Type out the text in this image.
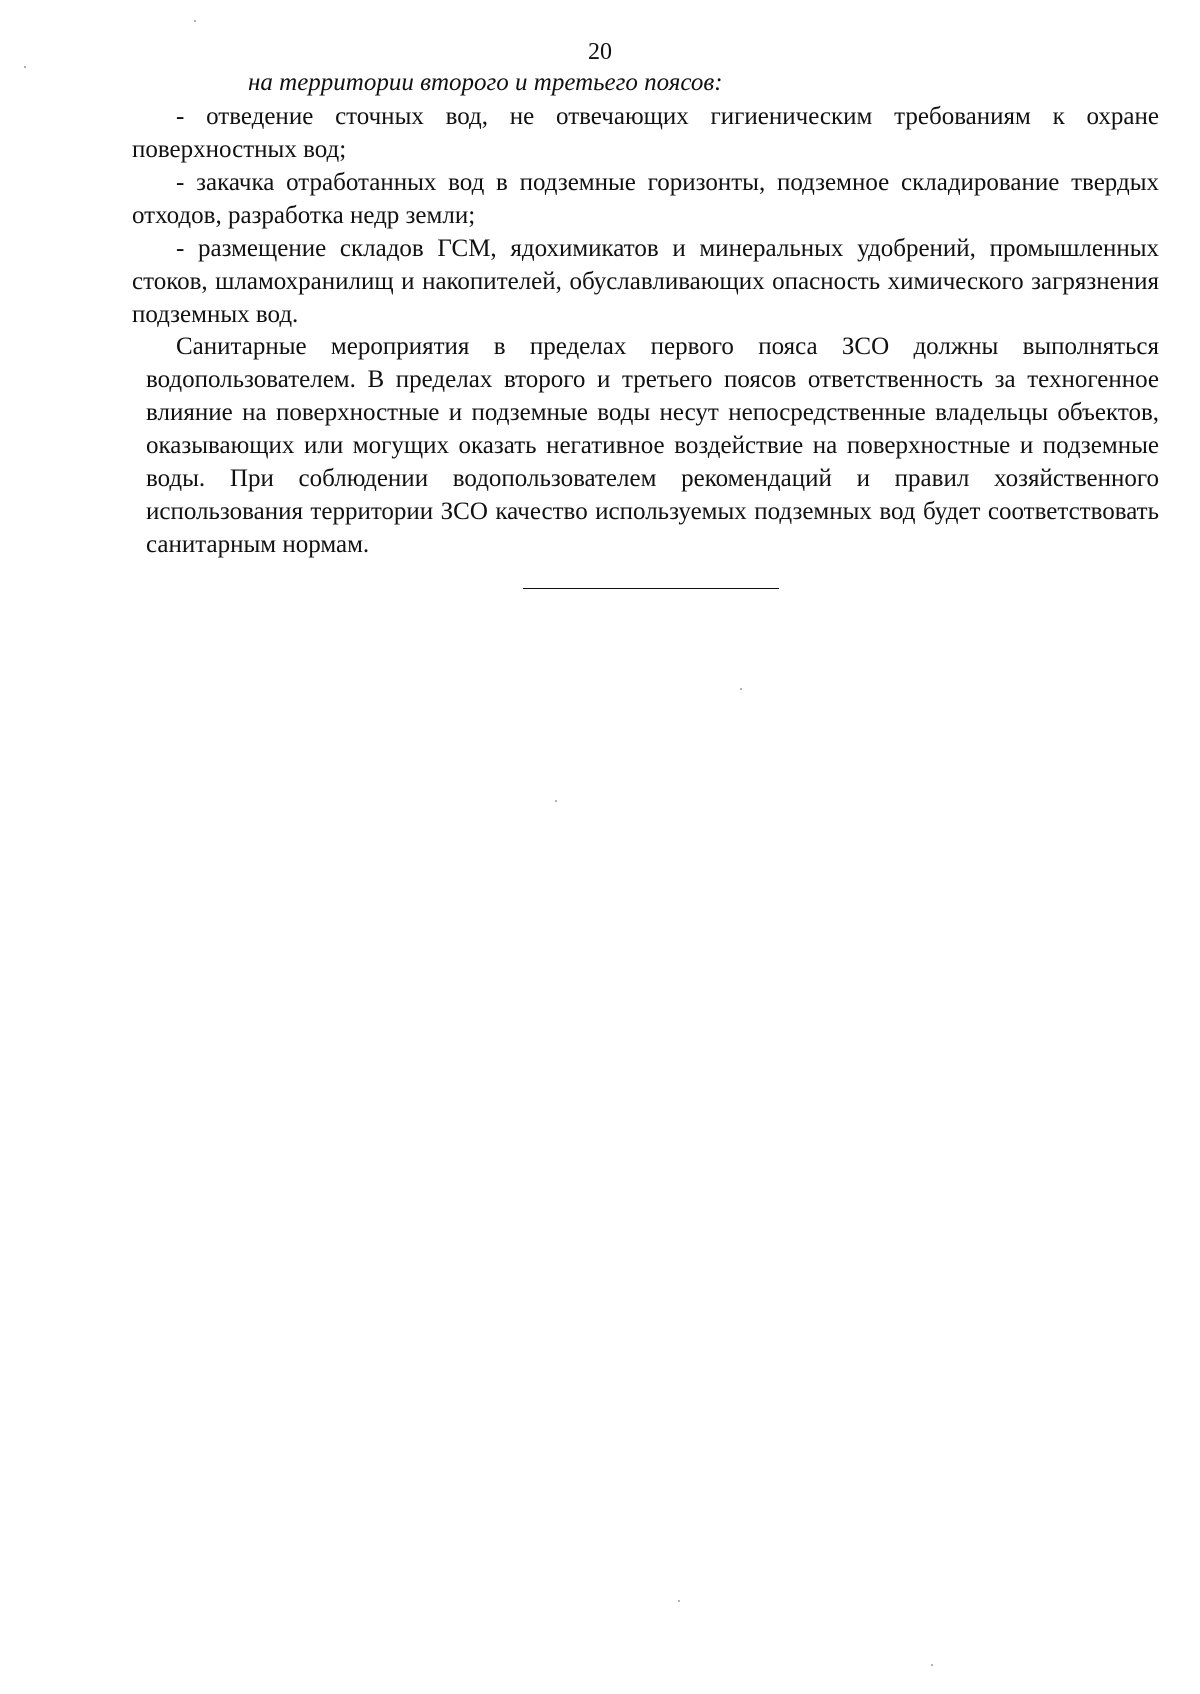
20
на территории второго и третьего поясов:

- отведение сточных вод, не отвечающих гигиеническим требованиям к охране поверхностных вод;

- закачка отработанных вод в подземные горизонты, подземное складирование твердых отходов, разработка недр земли;

- размещение складов ГСМ, ядохимикатов и минеральных удобрений, промышленных стоков, шламохранилищ и накопителей, обуславливающих опасность химического загрязнения подземных вод.

Санитарные мероприятия в пределах первого пояса ЗСО должны выполняться водопользователем. В пределах второго и третьего поясов ответственность за техногенное влияние на поверхностные и подземные воды несут непосредственные владельцы объектов, оказывающих или могущих оказать негативное воздействие на поверхностные и подземные воды. При соблюдении водопользователем рекомендаций и правил хозяйственного использования территории ЗСО качество используемых подземных вод будет соответствовать санитарным нормам.
